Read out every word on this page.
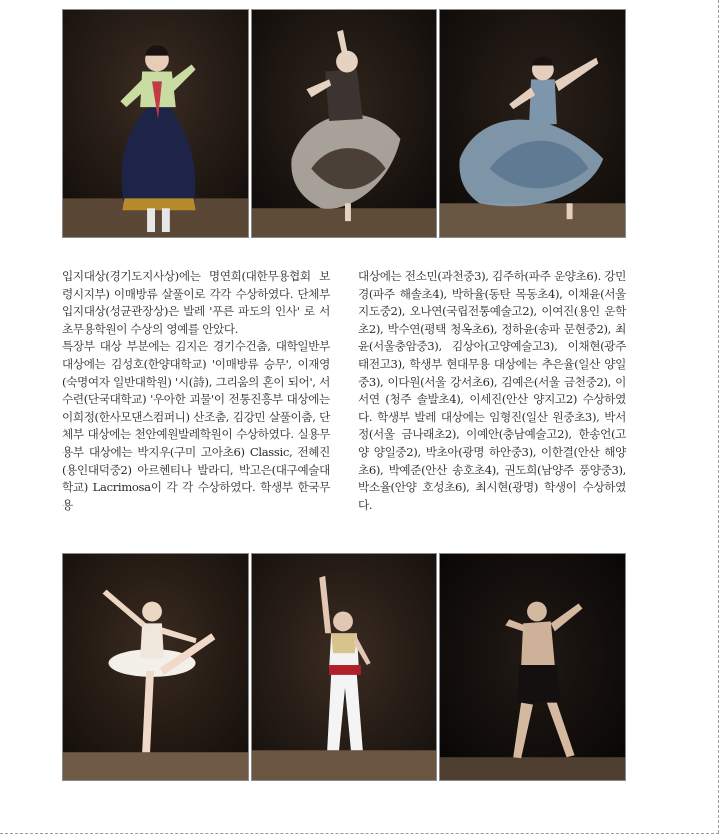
입지대상(경기도지사상)에는 명연희(대한무용협회 보령시지부) 이매방류 살풀이로 각각 수상하였다. 단체부 입지대상(성균관장상)은 발레 '푸른 파도의 인사' 로 서초무용학원이 수상의 영예를 안았다.

특장부 대상 부분에는 김지은 경기수건춤, 대학일반부 대상에는 김성호(한양대학교) '이매방류 승무', 이재영(숙명여자 일반대학원) '시(詩), 그리움의 혼이 되어', 서수련(단국대학교) '우아한 괴물'이 전통진흥부 대상에는 이희정(한사모댄스컴퍼니) 산조춤, 김강민 살풀이춤, 단체부 대상에는 천안예원발레학원이 수상하였다. 실용무용부 대상에는 박지우(구미 고아초6) Classic, 전혜진(용인대덕중2) 아르헨티나 발라디, 박고은(대구예술대학교) Lacrimosa이 각 각 수상하였다. 학생부 한국무용

대상에는 전소민(과천중3), 김주하(파주 운양초6). 강민경(파주 해솔초4), 박하율(동탄 목동초4), 이채윤(서울 지도중2), 오나연(국립전통예술고2), 이여진(용인 운학초2), 박수연(평택 청옥초6), 정하윤(송파 문현중2), 최윤(서울충암중3), 김상아(고양예술고3), 이채현(광주 태전고3), 학생부 현대무용 대상에는 추은율(일산 양일중3), 이다원(서울 강서초6), 김예은(서울 금천중2), 이서연 (청주 솔발초4), 이세진(안산 양지고2) 수상하였다. 학생부 발레 대상에는 임형진(일산 원중초3), 박서정(서울 금나래초2), 이예안(충남예술고2), 한송언(고양 양일중2), 박초아(광명 하안중3), 이한결(안산 해양초6), 박예준(안산 송호초4), 권도희(남양주 풍양중3), 박소율(안양 호성초6), 최시현(광명) 학생이 수상하였다.
